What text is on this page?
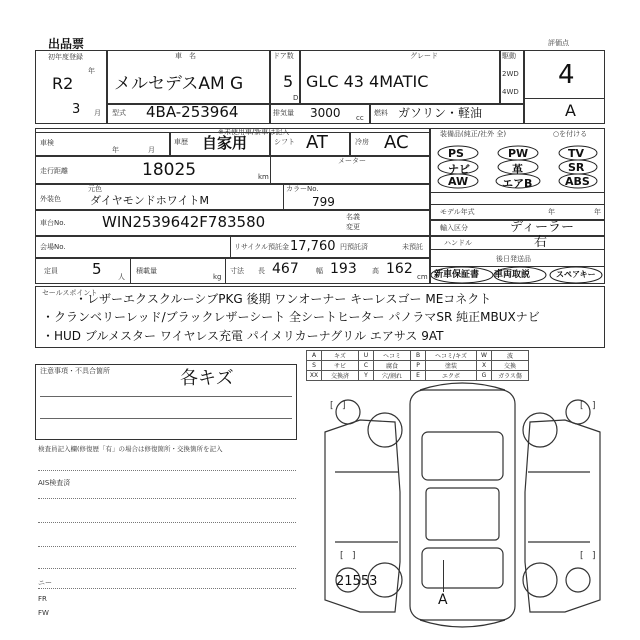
出品票
初年度登録
R2
年
3 月
車　名
メルセデスAM G
ドア数
5
D
グレード
GLC 43 4MATIC
駆動
2WD
4WD
評価点
4
A
型式 4BA-253964	排気量 3000 cc
燃料 ガソリン・軽油
※未使用車/新車は記入
車検
年	月
車歴 自家用	シフト AT	冷房 AC
走行距離	18025	km
メーター
外装色
元色
ダイヤモンドホワイトM
カラーNo.
799
車台No. WIN2539642F783580	名義
変更
会場No.	リサイクル預託金 17,760 円預託済	未預託
定員 5 人
積載量
kg
寸法 長 467 幅 193 高 162 cm
装備品(純正/社外 全)	○を付ける
PS	PW	TV
ナビ	革	SR
AW	エアB	ABS
モデル年式	年	年
輸入区分	ディーラー
ハンドル	右
後日発送品
新車保証書 車両取説	スペアキー
セールスポイント
・レザーエクスクルーシブPKG 後期 ワンオーナー キーレスゴー MEコネクト
・クランベリーレッド/ブラックレザーシート 全シートヒーター パノラマSR 純正MBUXナビ
・HUD ブルメスター ワイヤレス充電 パイメリカーナグリル エアサス 9AT
A	キズ	U	ヘコミ	B	ヘコミ/キズ	W	波
S	サビ	C	腐食	P	塗装	X	交換
XX	交換済	Y	穴/割れ	E	エクボ	G	ガラス傷
注意事項・不具合箇所	各キズ
検査員記入欄(修復歴「有」の場合は修復箇所・交換箇所を記入
AIS検査済
ニー
FR
FW
[ ]	[ ]
[ ]	[ ]
21553
A
